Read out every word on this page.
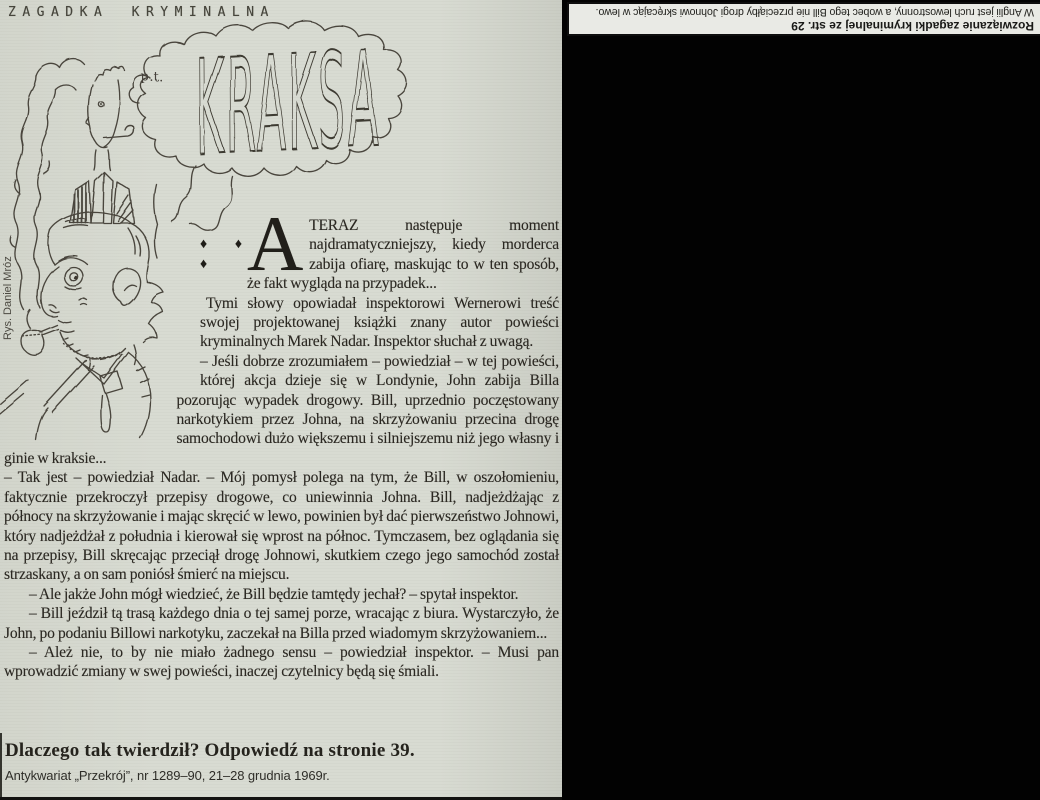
Rozwiązanie zagadki kryminalnej ze str. 29
W Anglii jest ruch lewostronny, a wobec tego Bill nie przeciąłby drogi Johnowi skręcając w lewo.
ZAGADKA KRYMINALNA
KRAKSA
p.t.
Rys. Daniel Mróz

♦ ♦ ♦ A TERAZ następuje moment najdramatyczniejszy, kiedy morderca zabija ofiarę, maskując to w ten sposób, że fakt wygląda na przypadek...

Tymi słowy opowiadał inspektorowi Wernerowi treść swojej projektowanej książki znany autor powieści kryminalnych Marek Nadar. Inspektor słuchał z uwagą.

– Jeśli dobrze zrozumiałem – powiedział – w tej powieści, której akcja dzieje się w Londynie, John zabija Billa pozorując wypadek drogowy. Bill, uprzednio poczęstowany narkotykiem przez Johna, na skrzyżowaniu przecina drogę samochodowi dużo większemu i silniejszemu niż jego własny i ginie w kraksie...

– Tak jest – powiedział Nadar. – Mój pomysł polega na tym, że Bill, w oszołomieniu, faktycznie przekroczył przepisy drogowe, co uniewinnia Johna. Bill, nadjeżdżając z północy na skrzyżowanie i mając skręcić w lewo, powinien był dać pierwszeństwo Johnowi, który nadjeżdżał z południa i kierował się wprost na północ. Tymczasem, bez oglądania się na przepisy, Bill skręcając przeciął drogę Johnowi, skutkiem czego jego samochód został strzaskany, a on sam poniósł śmierć na miejscu.

– Ale jakże John mógł wiedzieć, że Bill będzie tamtędy jechał? – spytał inspektor.

– Bill jeździł tą trasą każdego dnia o tej samej porze, wracając z biura. Wystarczyło, że John, po podaniu Billowi narkotyku, zaczekał na Billa przed wiadomym skrzyżowaniem...

– Ależ nie, to by nie miało żadnego sensu – powiedział inspektor. – Musi pan wprowadzić zmiany w swej powieści, inaczej czytelnicy będą się śmiali.

Dlaczego tak twierdził? Odpowiedź na stronie 39.
Antykwariat „Przekrój”, nr 1289–90, 21–28 grudnia 1969r.
